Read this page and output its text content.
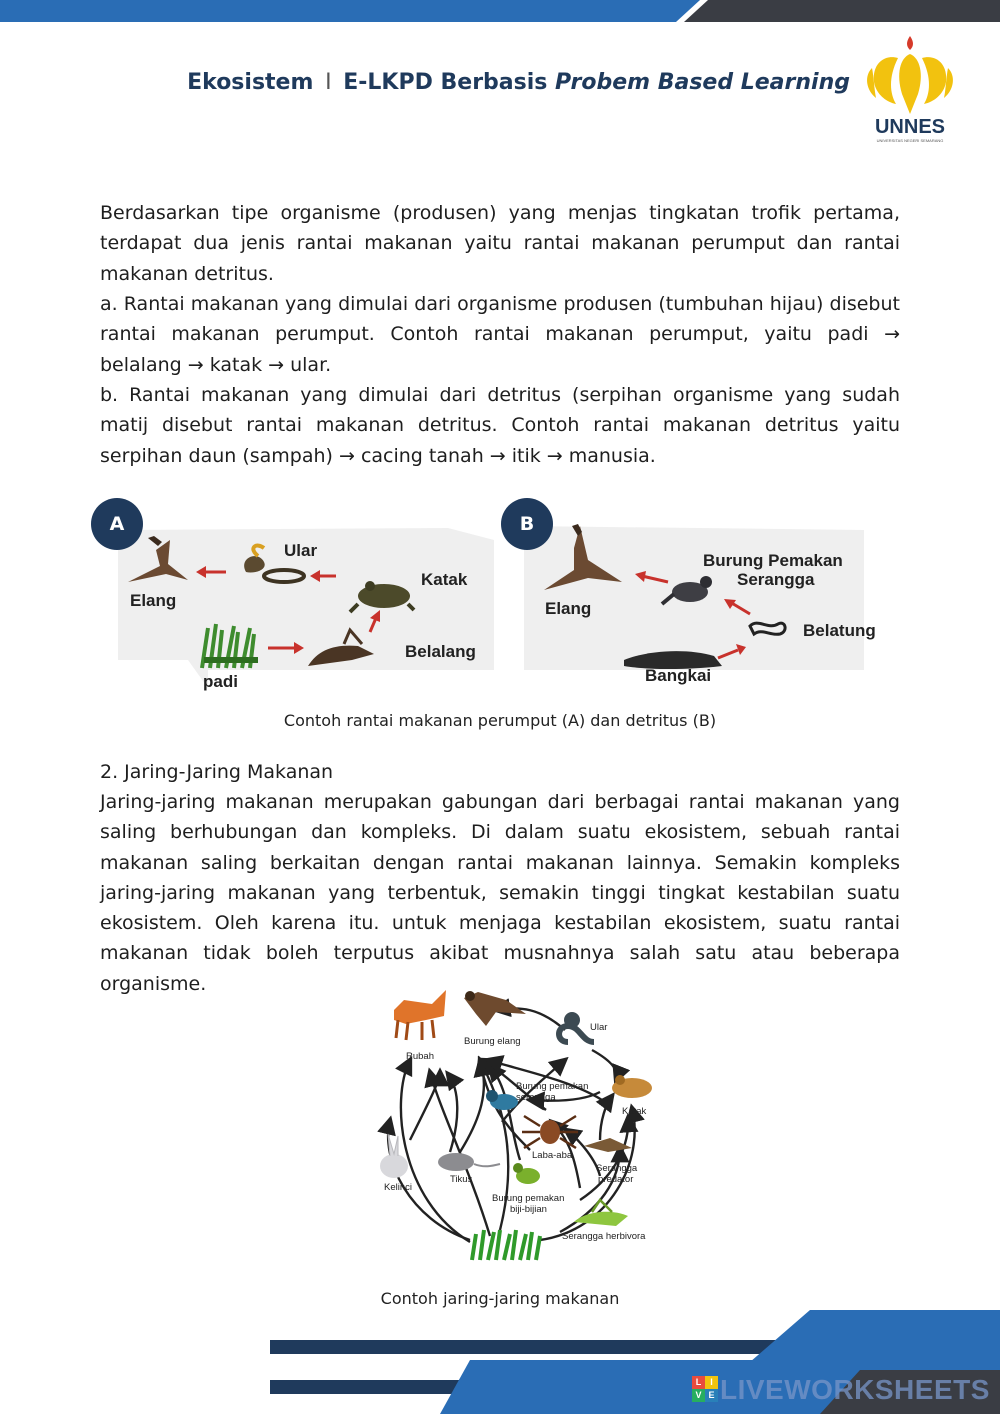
Ekosistem I E-LKPD Berbasis Probem Based Learning
UNNES
UNIVERSITAS NEGERI SEMARANG
Berdasarkan tipe organisme (produsen) yang menjas tingkatan trofik pertama, terdapat dua jenis rantai makanan yaitu rantai makanan perumput dan rantai makanan detritus.
a. Rantai makanan yang dimulai dari organisme produsen (tumbuhan hijau) disebut rantai makanan perumput. Contoh rantai makanan perumput, yaitu padi → belalang → katak → ular.
b. Rantai makanan yang dimulai dari detritus (serpihan organisme yang sudah matij disebut rantai makanan detritus. Contoh rantai makanan detritus yaitu serpihan daun (sampah) → cacing tanah → itik → manusia.
A
Ular
Katak
Elang
Belalang
padi
B
Burung Pemakan
Serangga
Elang
Belatung
Bangkai
Contoh rantai makanan perumput (A) dan detritus (B)
2. Jaring-Jaring Makanan
Jaring-jaring makanan merupakan gabungan dari berbagai rantai makanan yang saling berhubungan dan kompleks. Di dalam suatu ekosistem, sebuah rantai makanan saling berkaitan dengan rantai makanan lainnya. Semakin kompleks jaring-jaring makanan yang terbentuk, semakin tinggi tingkat kestabilan suatu ekosistem. Oleh karena itu. untuk menjaga kestabilan ekosistem, suatu rantai makanan tidak boleh terputus akibat musnahnya salah satu atau beberapa organisme.
Rubah
Burung elang
Ular
Burung pemakan
serangga
Katak
Laba-aba
Serangga
predator
Kelinci
Tikus
Burung pemakan
biji-bijian
Serangga herbivora
Contoh jaring-jaring makanan
L I
V E LIVEWORKSHEETS
